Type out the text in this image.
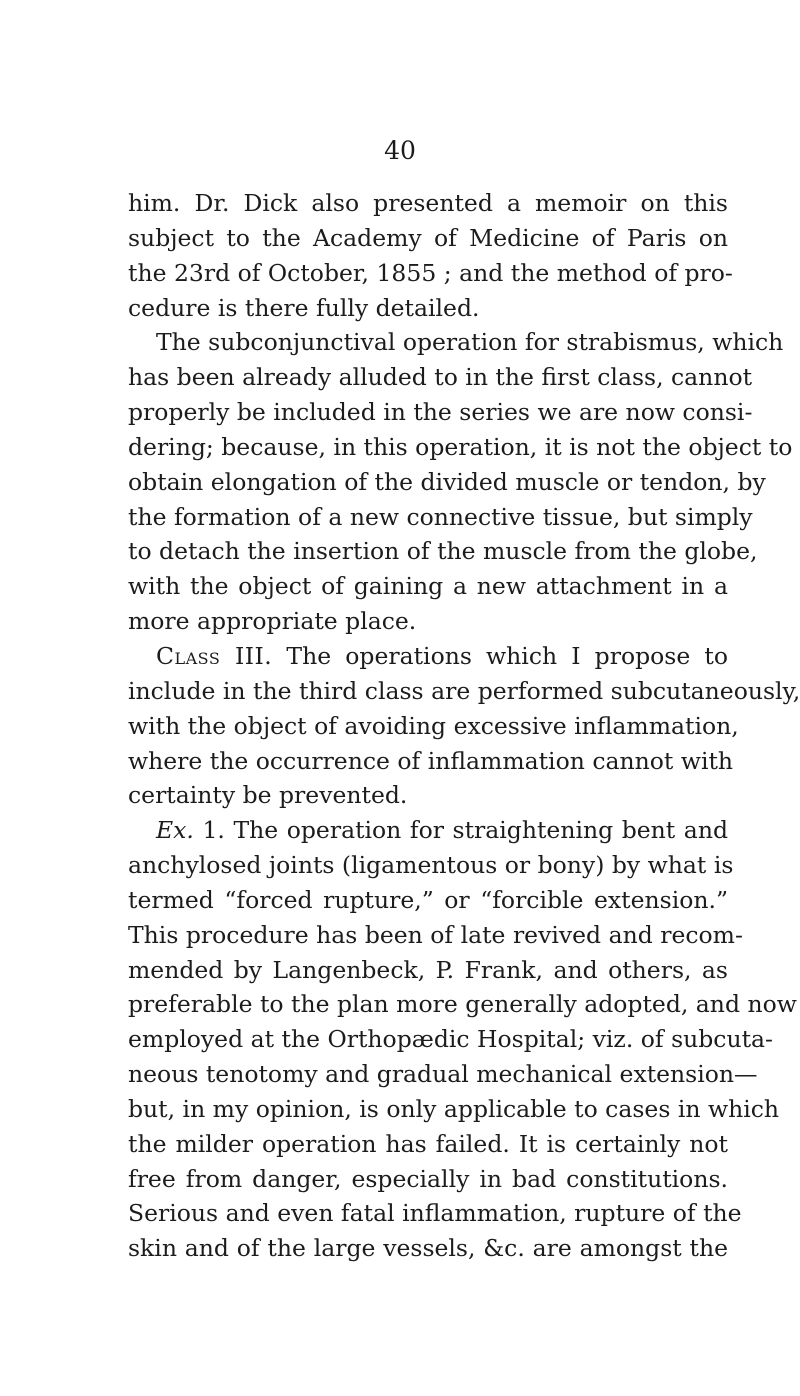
40
him. Dr. Dick also presented a memoir on this
subject to the Academy of Medicine of Paris on
the 23rd of October, 1855 ; and the method of pro-
cedure is there fully detailed.
The subconjunctival operation for strabismus, which
has been already alluded to in the first class, cannot
properly be included in the series we are now consi-
dering; because, in this operation, it is not the object to
obtain elongation of the divided muscle or tendon, by
the formation of a new connective tissue, but simply
to detach the insertion of the muscle from the globe,
with the object of gaining a new attachment in a
more appropriate place.
Class III. The operations which I propose to
include in the third class are performed subcutaneously,
with the object of avoiding excessive inflammation,
where the occurrence of inflammation cannot with
certainty be prevented.
Ex. 1. The operation for straightening bent and
anchylosed joints (ligamentous or bony) by what is
termed “forced rupture,” or “forcible extension.”
This procedure has been of late revived and recom-
mended by Langenbeck, P. Frank, and others, as
preferable to the plan more generally adopted, and now
employed at the Orthopædic Hospital; viz. of subcuta-
neous tenotomy and gradual mechanical extension—
but, in my opinion, is only applicable to cases in which
the milder operation has failed. It is certainly not
free from danger, especially in bad constitutions.
Serious and even fatal inflammation, rupture of the
skin and of the large vessels, &c. are amongst the
